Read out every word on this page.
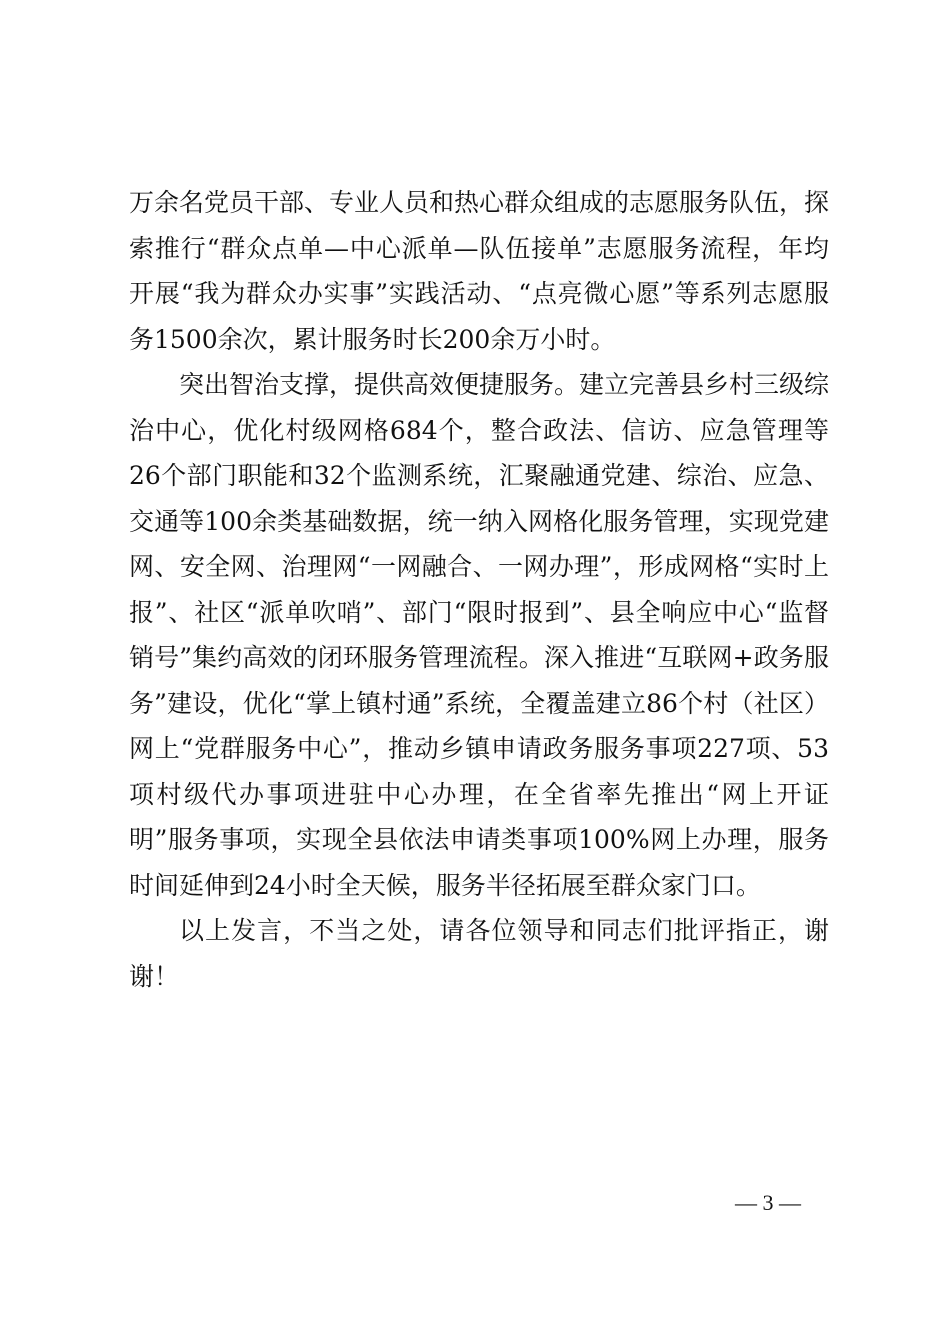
万余名党员干部、专业人员和热心群众组成的志愿服务队伍，探索推行“群众点单—中心派单—队伍接单”志愿服务流程，年均开展“我为群众办实事”实践活动、“点亮微心愿”等系列志愿服务1500余次，累计服务时长200余万小时。

突出智治支撑，提供高效便捷服务。建立完善县乡村三级综治中心，优化村级网格684个，整合政法、信访、应急管理等26个部门职能和32个监测系统，汇聚融通党建、综治、应急、交通等100余类基础数据，统一纳入网格化服务管理，实现党建网、安全网、治理网“一网融合、一网办理”，形成网格“实时上报”、社区“派单吹哨”、部门“限时报到”、县全响应中心“监督销号”集约高效的闭环服务管理流程。深入推进“互联网+政务服务”建设，优化“掌上镇村通”系统，全覆盖建立86个村（社区）网上“党群服务中心”，推动乡镇申请政务服务事项227项、53项村级代办事项进驻中心办理，在全省率先推出“网上开证明”服务事项，实现全县依法申请类事项100%网上办理，服务时间延伸到24小时全天候，服务半径拓展至群众家门口。

以上发言，不当之处，请各位领导和同志们批评指正，谢谢！

— 3 —
